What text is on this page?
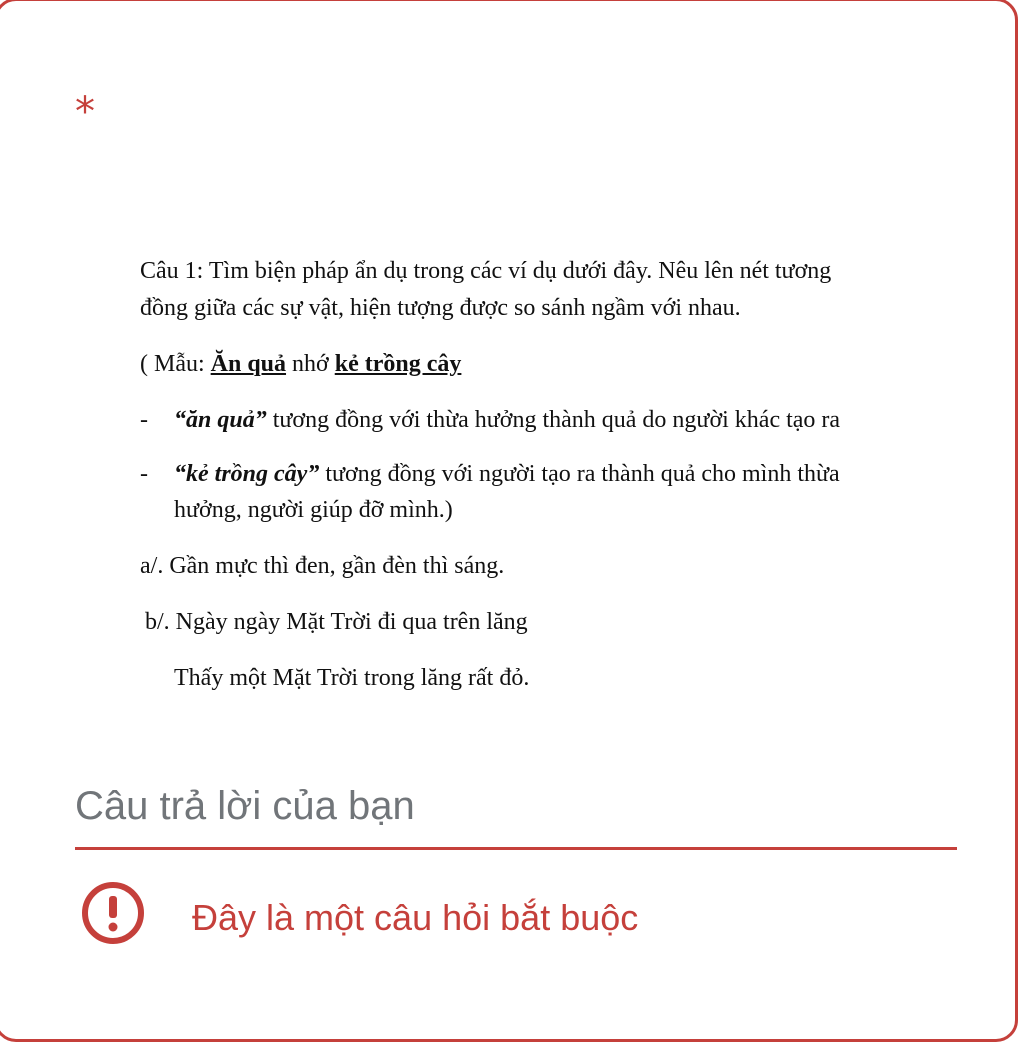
*
Câu 1: Tìm biện pháp ẩn dụ trong các ví dụ dưới đây. Nêu lên nét tương
đồng giữa các sự vật, hiện tượng được so sánh ngầm với nhau.
( Mẫu: Ăn quả nhớ kẻ trồng cây
- “ăn quả” tương đồng với thừa hưởng thành quả do người khác tạo ra
- “kẻ trồng cây” tương đồng với người tạo ra thành quả cho mình thừa
hưởng, người giúp đỡ mình.)
a/. Gần mực thì đen, gần đèn thì sáng.
b/. Ngày ngày Mặt Trời đi qua trên lăng
Thấy một Mặt Trời trong lăng rất đỏ.
Câu trả lời của bạn
Đây là một câu hỏi bắt buộc
